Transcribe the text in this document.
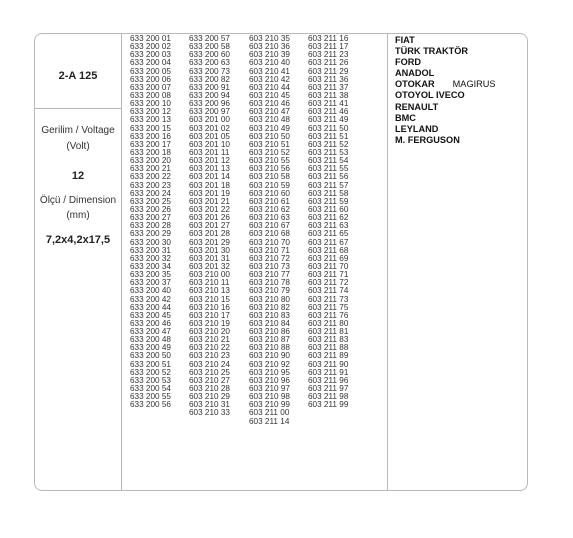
2-A 125
Gerilim / Voltage
(Volt)
12
Ölçü / Dimension
(mm)
7,2x4,2x17,5
633 200 01
633 200 02
633 200 03
633 200 04
633 200 05
633 200 06
633 200 07
633 200 08
633 200 10
633 200 12
633 200 13
633 200 15
633 200 16
633 200 17
633 200 18
633 200 20
633 200 21
633 200 22
633 200 23
633 200 24
633 200 25
633 200 26
633 200 27
633 200 28
633 200 29
633 200 30
633 200 31
633 200 32
633 200 34
633 200 35
633 200 37
633 200 40
633 200 42
633 200 44
633 200 45
633 200 46
633 200 47
633 200 48
633 200 49
633 200 50
633 200 51
633 200 52
633 200 53
633 200 54
633 200 55
633 200 56
633 200 57
633 200 58
633 200 60
633 200 63
633 200 73
633 200 82
633 200 91
633 200 94
633 200 96
633 200 97
603 201 00
603 201 02
603 201 05
603 201 10
603 201 11
603 201 12
603 201 13
603 201 14
603 201 18
603 201 19
603 201 21
603 201 22
603 201 26
603 201 27
603 201 28
603 201 29
603 201 30
603 201 31
603 201 32
603 210 00
603 210 11
603 210 13
603 210 15
603 210 16
603 210 17
603 210 19
603 210 20
603 210 21
603 210 22
603 210 23
603 210 24
603 210 25
603 210 27
603 210 28
603 210 29
603 210 31
603 210 33
603 210 35
603 210 36
603 210 39
603 210 40
603 210 41
603 210 42
603 210 44
603 210 45
603 210 46
603 210 47
603 210 48
603 210 49
603 210 50
603 210 51
603 210 52
603 210 55
603 210 56
603 210 58
603 210 59
603 210 60
603 210 61
603 210 62
603 210 63
603 210 67
603 210 68
603 210 70
603 210 71
603 210 72
603 210 73
603 210 77
603 210 78
603 210 79
603 210 80
603 210 82
603 210 83
603 210 84
603 210 86
603 210 87
603 210 88
603 210 90
603 210 92
603 210 95
603 210 96
603 210 97
603 210 98
603 210 99
603 211 00
603 211 14
603 211 16
603 211 17
603 211 23
603 211 26
603 211 29
603 211 36
603 211 37
603 211 38
603 211 41
603 211 46
603 211 49
603 211 50
603 211 51
603 211 52
603 211 53
603 211 54
603 211 55
603 211 56
603 211 57
603 211 58
603 211 59
603 211 60
603 211 62
603 211 63
603 211 65
603 211 67
603 211 68
603 211 69
603 211 70
603 211 71
603 211 72
603 211 74
603 211 73
603 211 75
603 211 76
603 211 80
603 211 81
603 211 83
603 211 88
603 211 89
603 211 90
603 211 91
603 211 96
603 211 97
603 211 98
603 211 99
FIAT
TÜRK TRAKTÖR
FORD
ANADOL
OTOKAR MAGIRUS
OTOYOL IVECO
RENAULT
BMC
LEYLAND
M. FERGUSON
